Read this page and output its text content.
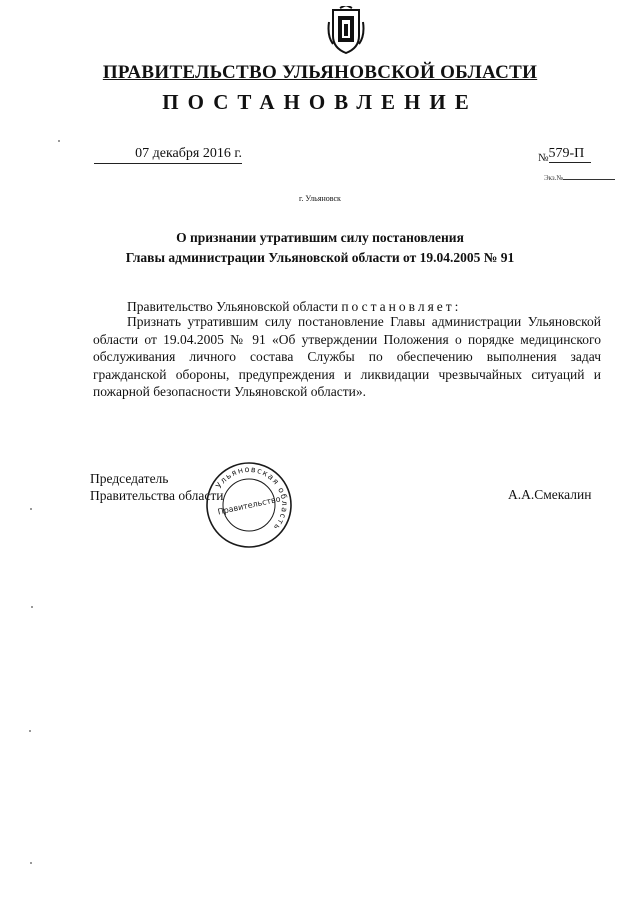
ПРАВИТЕЛЬСТВО УЛЬЯНОВСКОЙ ОБЛАСТИ
ПОСТАНОВЛЕНИЕ
07 декабря 2016 г.	$_№$579-П
Экз.№
г. Ульяновск
О признании утратившим силу постановления
Главы администрации Ульяновской области от 19.04.2005 № 91
Правительство Ульяновской области постановляет:
Признать утратившим силу постановление Главы администрации Ульяновской области от 19.04.2005 № 91 «Об утверждении Положения о порядке медицинского обслуживания личного состава Службы по обеспечению выполнения задач гражданской обороны, предупреждения и ликвидации чрезвычайных ситуаций и пожарной безопасности Ульяновской области».
Председатель
Правительства области	А.А.Смекалин
Ульяновская область
Правительство
